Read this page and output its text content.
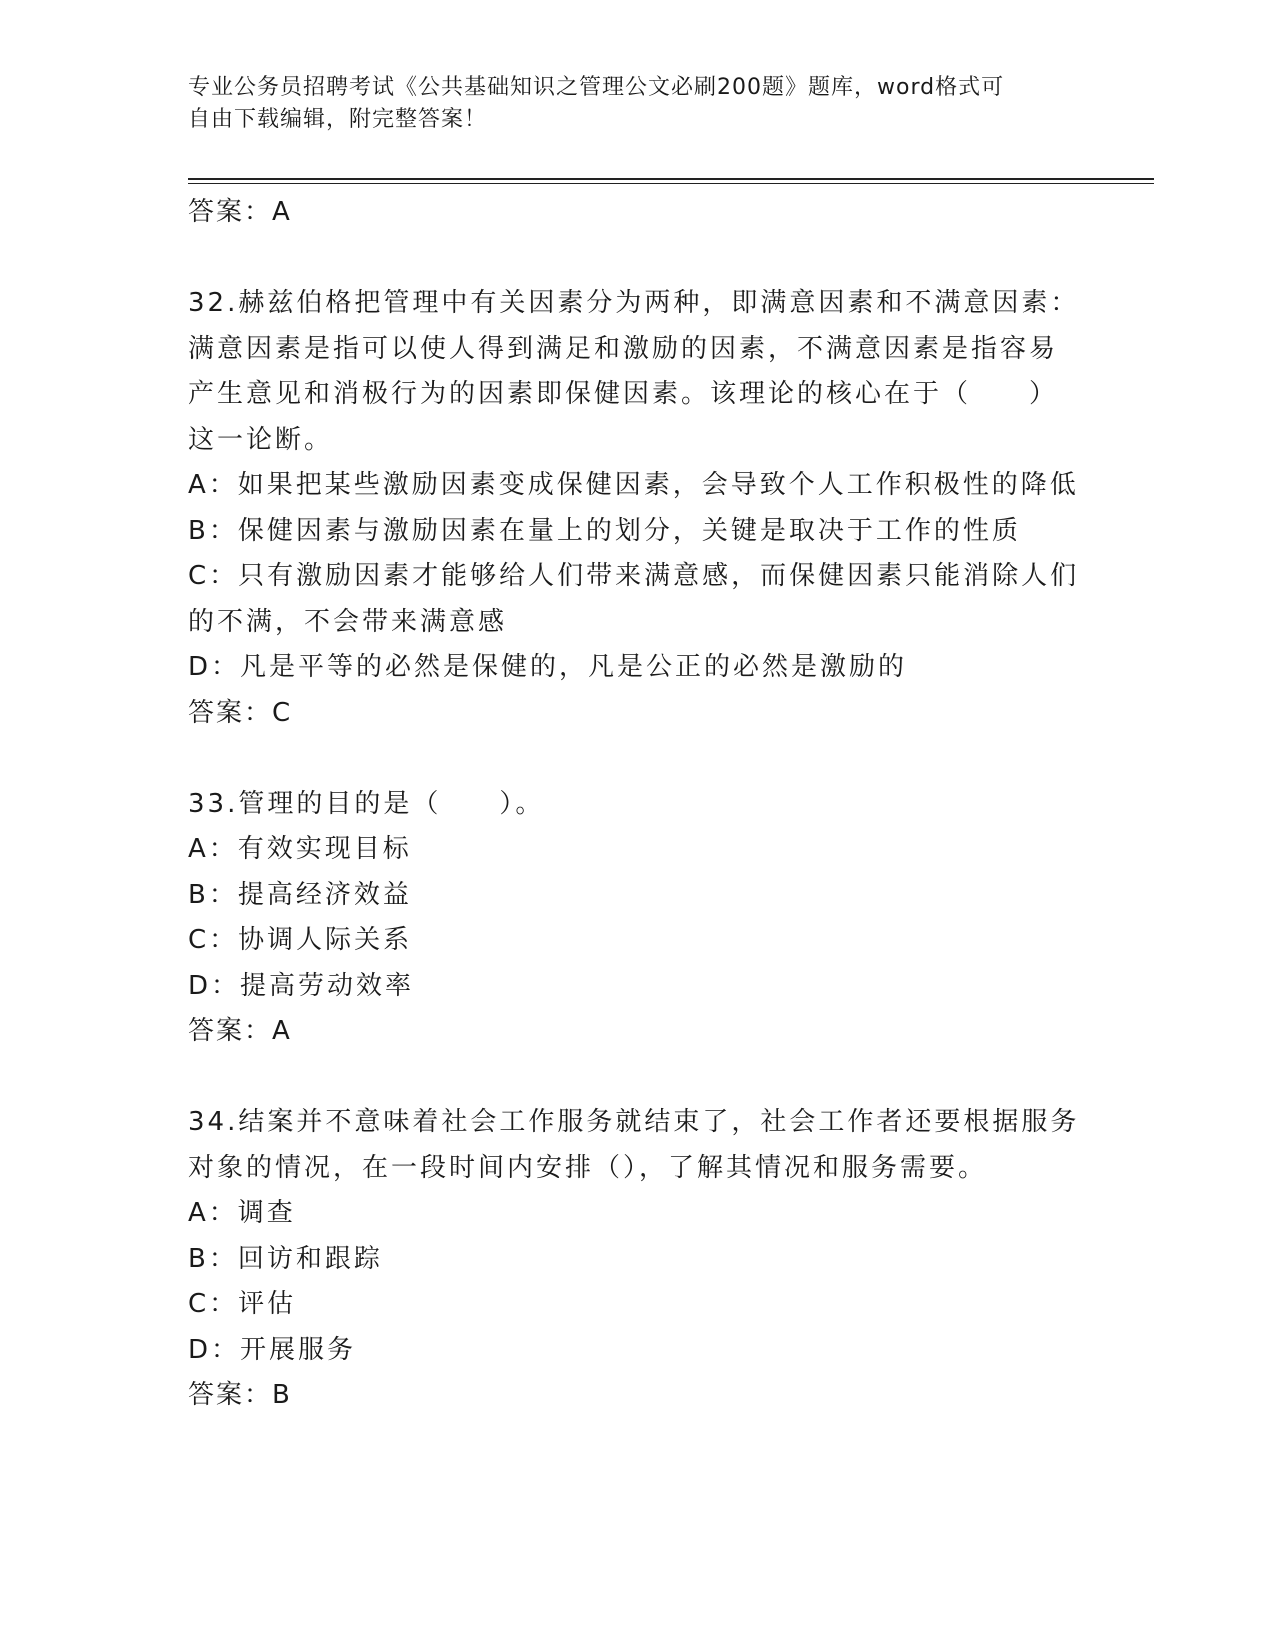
专业公务员招聘考试《公共基础知识之管理公文必刷200题》题库，word格式可
自由下载编辑，附完整答案！
答案：A
32.赫兹伯格把管理中有关因素分为两种，即满意因素和不满意因素：
满意因素是指可以使人得到满足和激励的因素，不满意因素是指容易
产生意见和消极行为的因素即保健因素。该理论的核心在于（　　）
这一论断。
A：如果把某些激励因素变成保健因素，会导致个人工作积极性的降低
B：保健因素与激励因素在量上的划分，关键是取决于工作的性质
C：只有激励因素才能够给人们带来满意感，而保健因素只能消除人们
的不满，不会带来满意感
D：凡是平等的必然是保健的，凡是公正的必然是激励的
答案：C
33.管理的目的是（　　）。
A：有效实现目标
B：提高经济效益
C：协调人际关系
D：提高劳动效率
答案：A
34.结案并不意味着社会工作服务就结束了，社会工作者还要根据服务
对象的情况，在一段时间内安排（），了解其情况和服务需要。
A：调查
B：回访和跟踪
C：评估
D：开展服务
答案：B
